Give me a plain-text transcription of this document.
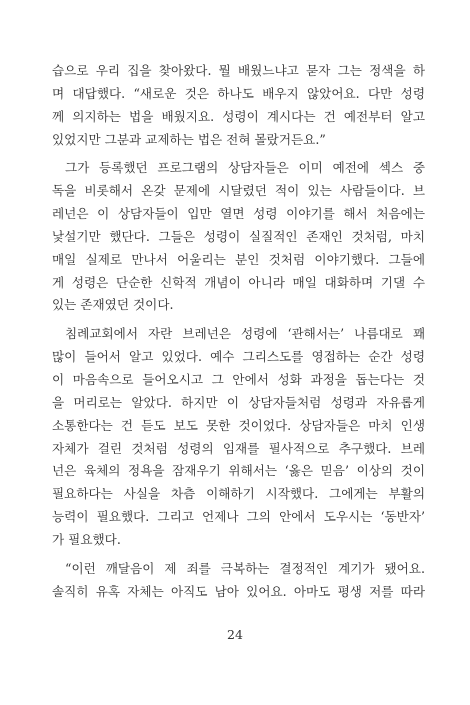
습으로 우리 집을 찾아왔다. 뭘 배웠느냐고 묻자 그는 정색을 하
며 대답했다. “새로운 것은 하나도 배우지 않았어요. 다만 성령
께 의지하는 법을 배웠지요. 성령이 계시다는 건 예전부터 알고
있었지만 그분과 교제하는 법은 전혀 몰랐거든요.”
그가 등록했던 프로그램의 상담자들은 이미 예전에 섹스 중
독을 비롯해서 온갖 문제에 시달렸던 적이 있는 사람들이다. 브
레넌은 이 상담자들이 입만 열면 성령 이야기를 해서 처음에는
낯설기만 했단다. 그들은 성령이 실질적인 존재인 것처럼, 마치
매일 실제로 만나서 어울리는 분인 것처럼 이야기했다. 그들에
게 성령은 단순한 신학적 개념이 아니라 매일 대화하며 기댈 수
있는 존재였던 것이다.
침례교회에서 자란 브레넌은 성령에 ‘관해서는’ 나름대로 꽤
많이 들어서 알고 있었다. 예수 그리스도를 영접하는 순간 성령
이 마음속으로 들어오시고 그 안에서 성화 과정을 돕는다는 것
을 머리로는 알았다. 하지만 이 상담자들처럼 성령과 자유롭게
소통한다는 건 듣도 보도 못한 것이었다. 상담자들은 마치 인생
자체가 걸린 것처럼 성령의 임재를 필사적으로 추구했다. 브레
넌은 육체의 정욕을 잠재우기 위해서는 ‘옳은 믿음’ 이상의 것이
필요하다는 사실을 차츰 이해하기 시작했다. 그에게는 부활의
능력이 필요했다. 그리고 언제나 그의 안에서 도우시는 ‘동반자’
가 필요했다.
“이런 깨달음이 제 죄를 극복하는 결정적인 계기가 됐어요.
솔직히 유혹 자체는 아직도 남아 있어요. 아마도 평생 저를 따라
24
